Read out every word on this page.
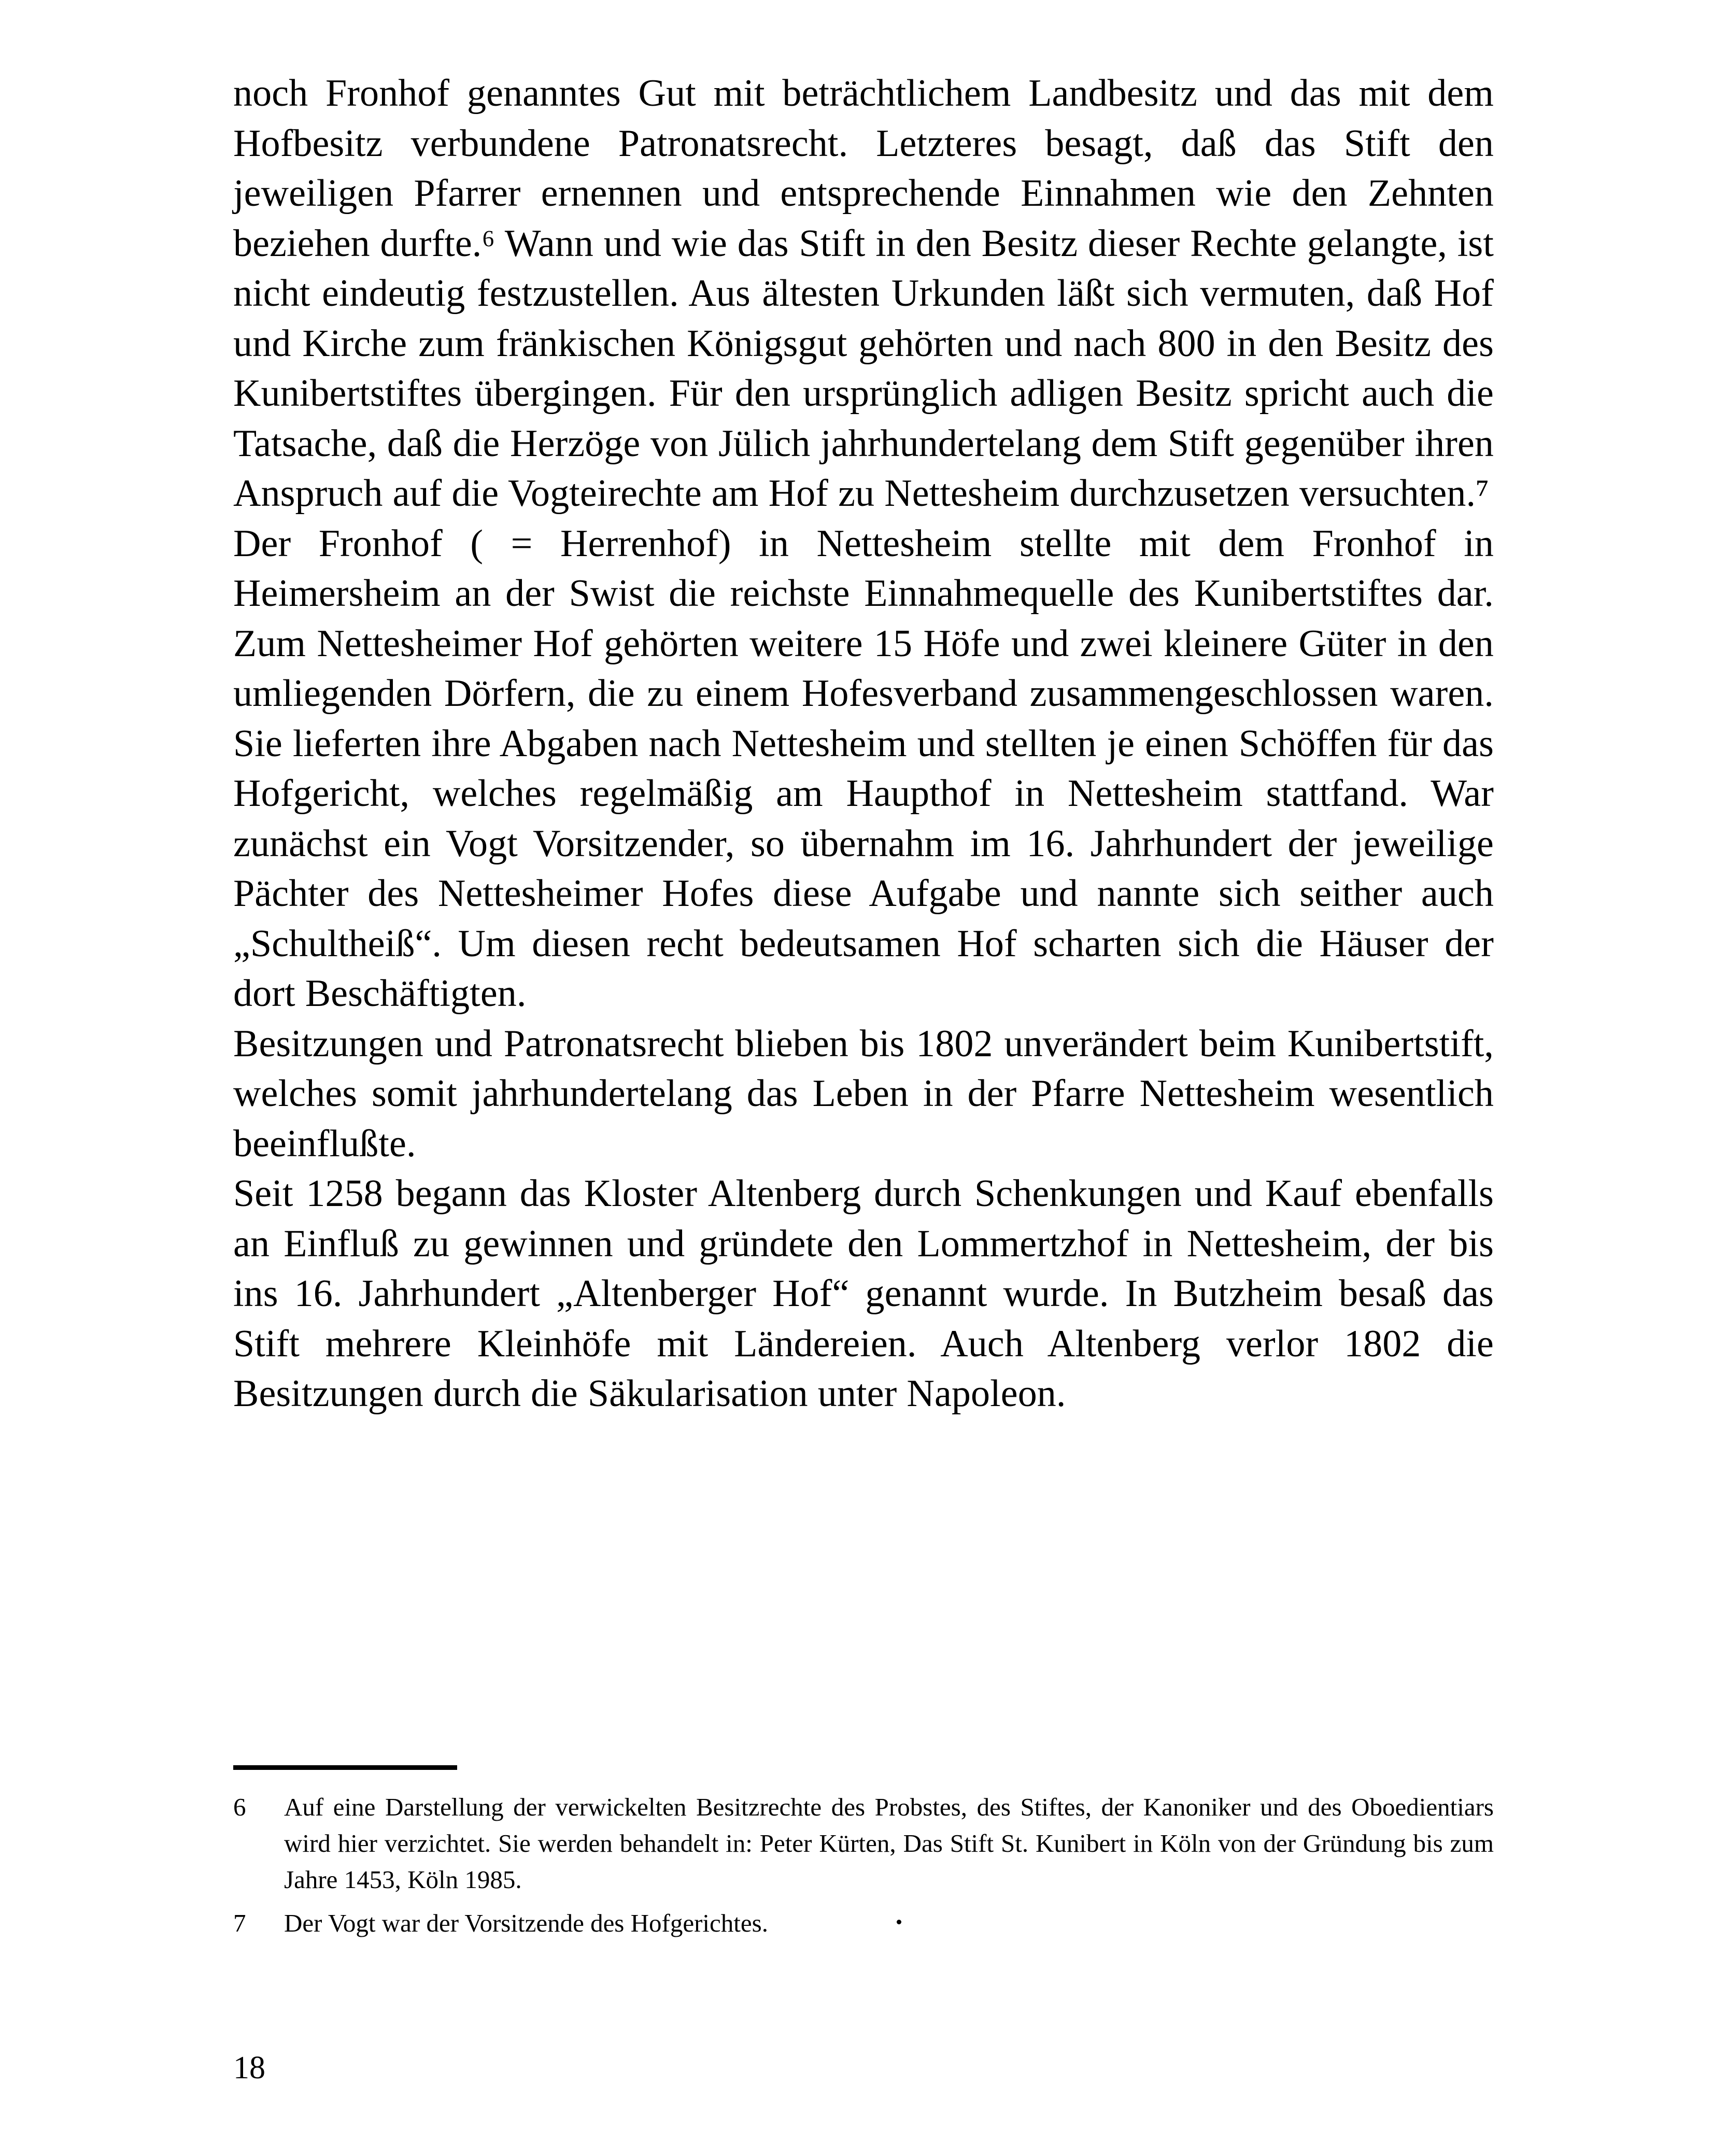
noch Fronhof genanntes Gut mit beträchtlichem Landbesitz und das mit dem Hofbesitz verbundene Patronatsrecht. Letzteres besagt, daß das Stift den jeweiligen Pfarrer ernennen und entsprechende Einnahmen wie den Zehnten beziehen durfte.⁶ Wann und wie das Stift in den Besitz dieser Rechte gelangte, ist nicht eindeutig festzustellen. Aus ältesten Urkunden läßt sich vermuten, daß Hof und Kirche zum fränkischen Königsgut gehörten und nach 800 in den Besitz des Kunibertstiftes übergingen. Für den ursprünglich adligen Besitz spricht auch die Tatsache, daß die Herzöge von Jülich jahrhundertelang dem Stift gegenüber ihren Anspruch auf die Vogteirechte am Hof zu Nettesheim durchzusetzen versuchten.⁷

Der Fronhof ( = Herrenhof) in Nettesheim stellte mit dem Fronhof in Heimersheim an der Swist die reichste Einnahmequelle des Kunibertstiftes dar. Zum Nettesheimer Hof gehörten weitere 15 Höfe und zwei kleinere Güter in den umliegenden Dörfern, die zu einem Hofesverband zusammengeschlossen waren. Sie lieferten ihre Abgaben nach Nettesheim und stellten je einen Schöffen für das Hofgericht, welches regelmäßig am Haupthof in Nettesheim stattfand. War zunächst ein Vogt Vorsitzender, so übernahm im 16. Jahrhundert der jeweilige Pächter des Nettesheimer Hofes diese Aufgabe und nannte sich seither auch „Schultheiß“. Um diesen recht bedeutsamen Hof scharten sich die Häuser der dort Beschäftigten.

Besitzungen und Patronatsrecht blieben bis 1802 unverändert beim Kunibertstift, welches somit jahrhundertelang das Leben in der Pfarre Nettesheim wesentlich beeinflußte.

Seit 1258 begann das Kloster Altenberg durch Schenkungen und Kauf ebenfalls an Einfluß zu gewinnen und gründete den Lommertzhof in Nettesheim, der bis ins 16. Jahrhundert „Altenberger Hof“ genannt wurde. In Butzheim besaß das Stift mehrere Kleinhöfe mit Ländereien. Auch Altenberg verlor 1802 die Besitzungen durch die Säkularisation unter Napoleon.

6	Auf eine Darstellung der verwickelten Besitzrechte des Probstes, des Stiftes, der Kanoniker und des Oboedientiars wird hier verzichtet. Sie werden behandelt in: Peter Kürten, Das Stift St. Kunibert in Köln von der Gründung bis zum Jahre 1453, Köln 1985.

7	Der Vogt war der Vorsitzende des Hofgerichtes.

18
